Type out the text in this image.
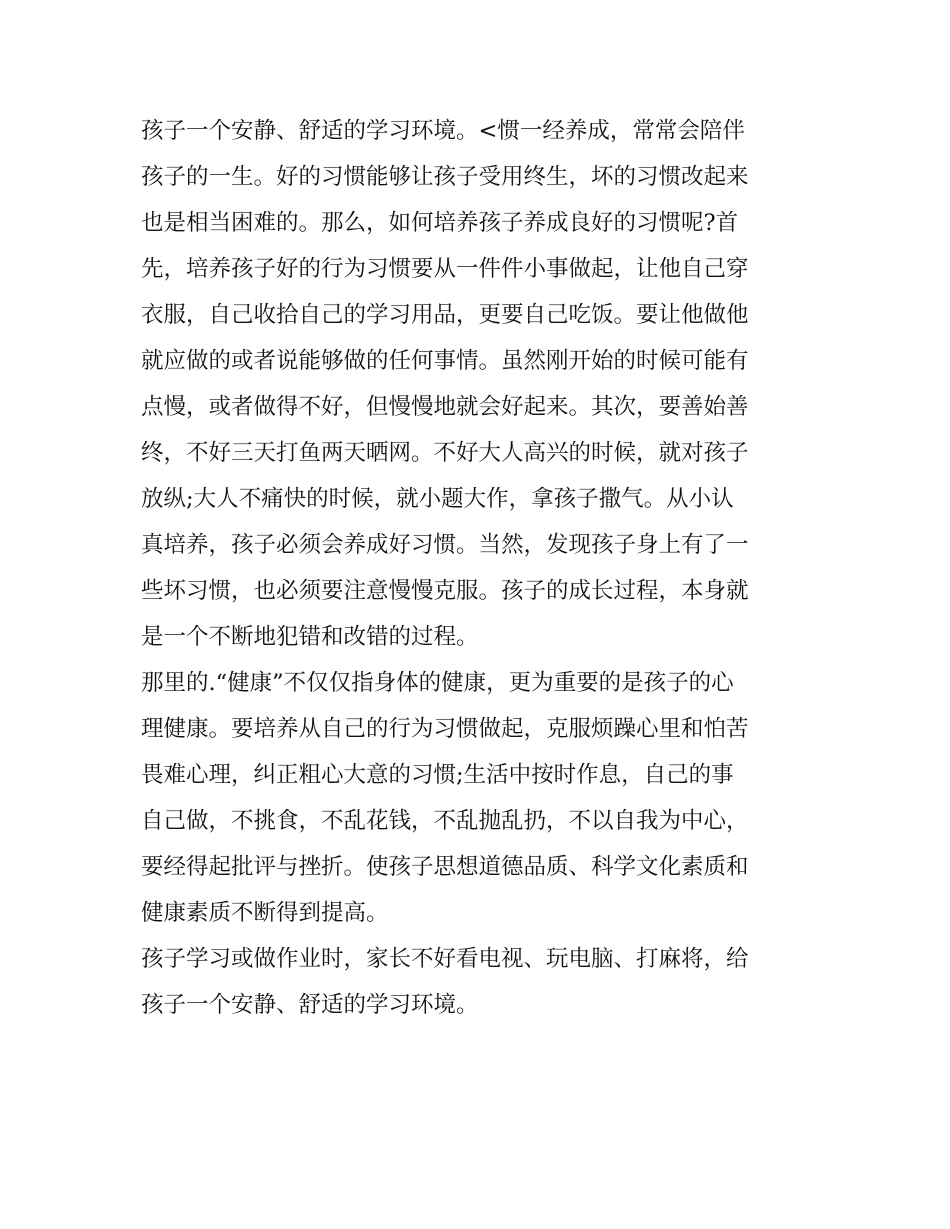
孩子一个安静、舒适的学习环境。<惯一经养成，常常会陪伴
孩子的一生。好的习惯能够让孩子受用终生，坏的习惯改起来
也是相当困难的。那么，如何培养孩子养成良好的习惯呢?首
先，培养孩子好的行为习惯要从一件件小事做起，让他自己穿
衣服，自己收拾自己的学习用品，更要自己吃饭。要让他做他
就应做的或者说能够做的任何事情。虽然刚开始的时候可能有
点慢，或者做得不好，但慢慢地就会好起来。其次，要善始善
终，不好三天打鱼两天晒网。不好大人高兴的时候，就对孩子
放纵;大人不痛快的时候，就小题大作，拿孩子撒气。从小认
真培养，孩子必须会养成好习惯。当然，发现孩子身上有了一
些坏习惯，也必须要注意慢慢克服。孩子的成长过程，本身就
是一个不断地犯错和改错的过程。
那里的.“健康”不仅仅指身体的健康，更为重要的是孩子的心
理健康。要培养从自己的行为习惯做起，克服烦躁心里和怕苦
畏难心理，纠正粗心大意的习惯;生活中按时作息，自己的事
自己做，不挑食，不乱花钱，不乱抛乱扔，不以自我为中心，
要经得起批评与挫折。使孩子思想道德品质、科学文化素质和
健康素质不断得到提高。
孩子学习或做作业时，家长不好看电视、玩电脑、打麻将，给
孩子一个安静、舒适的学习环境。
